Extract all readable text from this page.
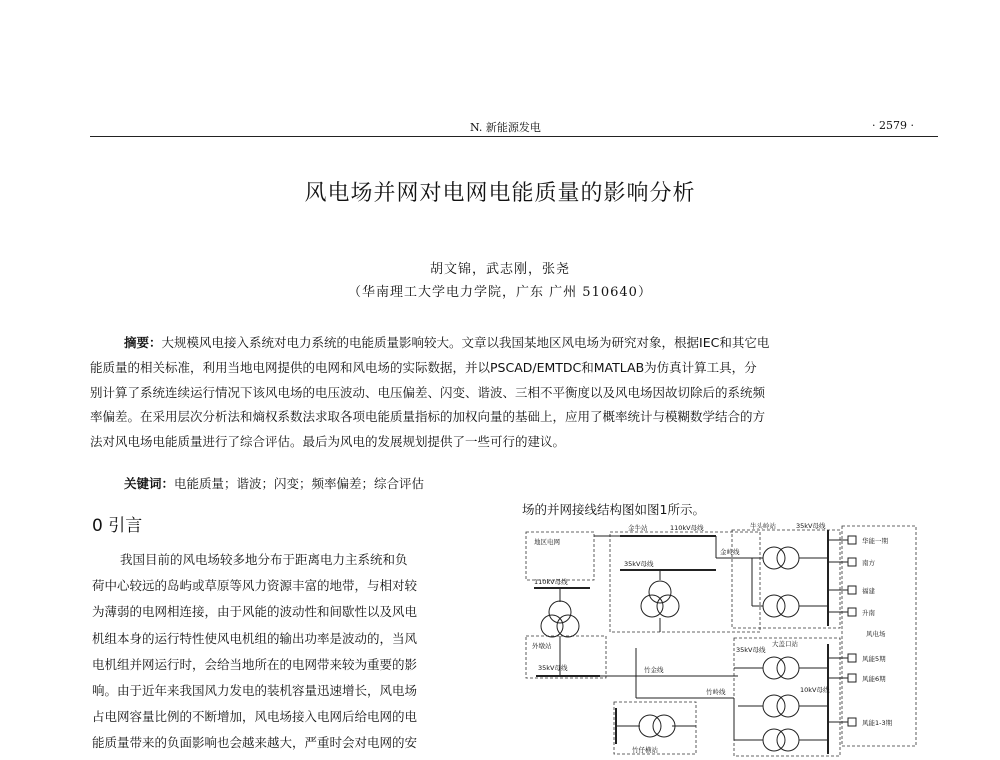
N. 新能源发电	· 2579 ·
风电场并网对电网电能质量的影响分析
胡文锦，武志刚，张尧
（华南理工大学电力学院，广东 广州 510640）
摘要：大规模风电接入系统对电力系统的电能质量影响较大。文章以我国某地区风电场为研究对象，根据IEC和其它电
能质量的相关标准，利用当地电网提供的电网和风电场的实际数据，并以PSCAD/EMTDC和MATLAB为仿真计算工具，分
别计算了系统连续运行情况下该风电场的电压波动、电压偏差、闪变、谐波、三相不平衡度以及风电场因故切除后的系统频
率偏差。在采用层次分析法和熵权系数法求取各项电能质量指标的加权向量的基础上，应用了概率统计与模糊数学结合的方
法对风电场电能质量进行了综合评估。最后为风电的发展规划提供了一些可行的建议。
关键词：电能质量；谐波；闪变；频率偏差；综合评估
0 引言
我国目前的风电场较多地分布于距离电力主系统和负
荷中心较远的岛屿或草原等风力资源丰富的地带，与相对较
为薄弱的电网相连接，由于风能的波动性和间歇性以及风电
机组本身的运行特性使风电机组的输出功率是波动的，当风
电机组并网运行时，会给当地所在的电网带来较为重要的影
响。由于近年来我国风力发电的装机容量迅速增长，风电场
占电网容量比例的不断增加，风电场接入电网后给电网的电
能质量带来的负面影响也会越来越大，严重时会对电网的安
场的并网接线结构图如图1所示。
地区电网
金牛站	110kV母线
35kV母线
金岭线
牛头岭站	35kV母线
110kV母线
外墩站
35kV母线	竹金线
大盖口站
35kV母线
10kV母线
竹岭线
竹仔横站
风电场
华能一期
南方
福建
升南
风能5期
风能6期
风能1-3期
